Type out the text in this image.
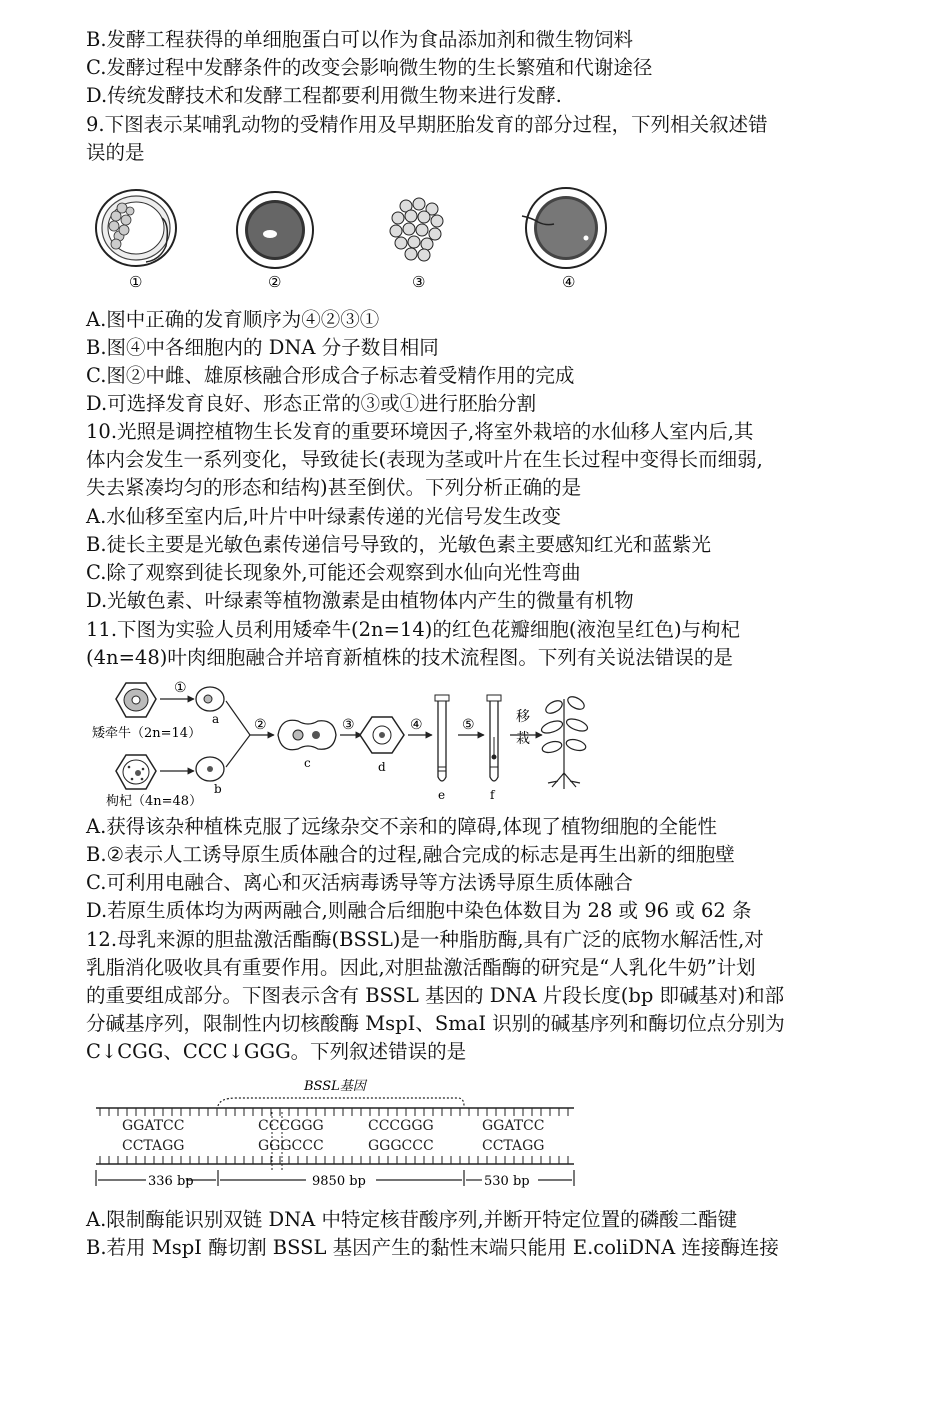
B.发酵工程获得的单细胞蛋白可以作为食品添加剂和微生物饲料
C.发酵过程中发酵条件的改变会影响微生物的生长繁殖和代谢途径
D.传统发酵技术和发酵工程都要利用微生物来进行发酵.
9.下图表示某哺乳动物的受精作用及早期胚胎发育的部分过程，下列相关叙述错
误的是
①	②	③	④
A.图中正确的发育顺序为④②③①
B.图④中各细胞内的 DNA 分子数目相同
C.图②中雌、雄原核融合形成合子标志着受精作用的完成
D.可选择发育良好、形态正常的③或①进行胚胎分割
10.光照是调控植物生长发育的重要环境因子,将室外栽培的水仙移人室内后,其
体内会发生一系列变化，导致徒长(表现为茎或叶片在生长过程中变得长而细弱,
失去紧凑均匀的形态和结构)甚至倒伏。下列分析正确的是
A.水仙移至室内后,叶片中叶绿素传递的光信号发生改变
B.徒长主要是光敏色素传递信号导致的，光敏色素主要感知红光和蓝紫光
C.除了观察到徒长现象外,可能还会观察到水仙向光性弯曲
D.光敏色素、叶绿素等植物激素是由植物体内产生的微量有机物
11.下图为实验人员利用矮牵牛(2n=14)的红色花瓣细胞(液泡呈红色)与枸杞
(4n=48)叶肉细胞融合并培育新植株的技术流程图。下列有关说法错误的是
矮牵牛（2n=14）
枸杞（4n=48）
①
a
b
②
c
③
d
④
e
⑤
f
移
栽
A.获得该杂种植株克服了远缘杂交不亲和的障碍,体现了植物细胞的全能性
B.②表示人工诱导原生质体融合的过程,融合完成的标志是再生出新的细胞壁
C.可利用电融合、离心和灭活病毒诱导等方法诱导原生质体融合
D.若原生质体均为两两融合,则融合后细胞中染色体数目为 28 或 96 或 62 条
12.母乳来源的胆盐激活酯酶(BSSL)是一种脂肪酶,具有广泛的底物水解活性,对
乳脂消化吸收具有重要作用。因此,对胆盐激活酯酶的研究是“人乳化牛奶”计划
的重要组成部分。下图表示含有 BSSL 基因的 DNA 片段长度(bp 即碱基对)和部
分碱基序列，限制性内切核酸酶 MspI、SmaI 识别的碱基序列和酶切位点分别为
C↓CGG、CCC↓GGG。下列叙述错误的是
BSSL基因
GGATCC	CCCGGG	CCCGGG	GGATCC
CCTAGG	GGGCCC	GGGCCC	CCTAGG
336 bp	9850 bp	530 bp
A.限制酶能识别双链 DNA 中特定核苷酸序列,并断开特定位置的磷酸二酯键
B.若用 MspI 酶切割 BSSL 基因产生的黏性末端只能用 E.coliDNA 连接酶连接
